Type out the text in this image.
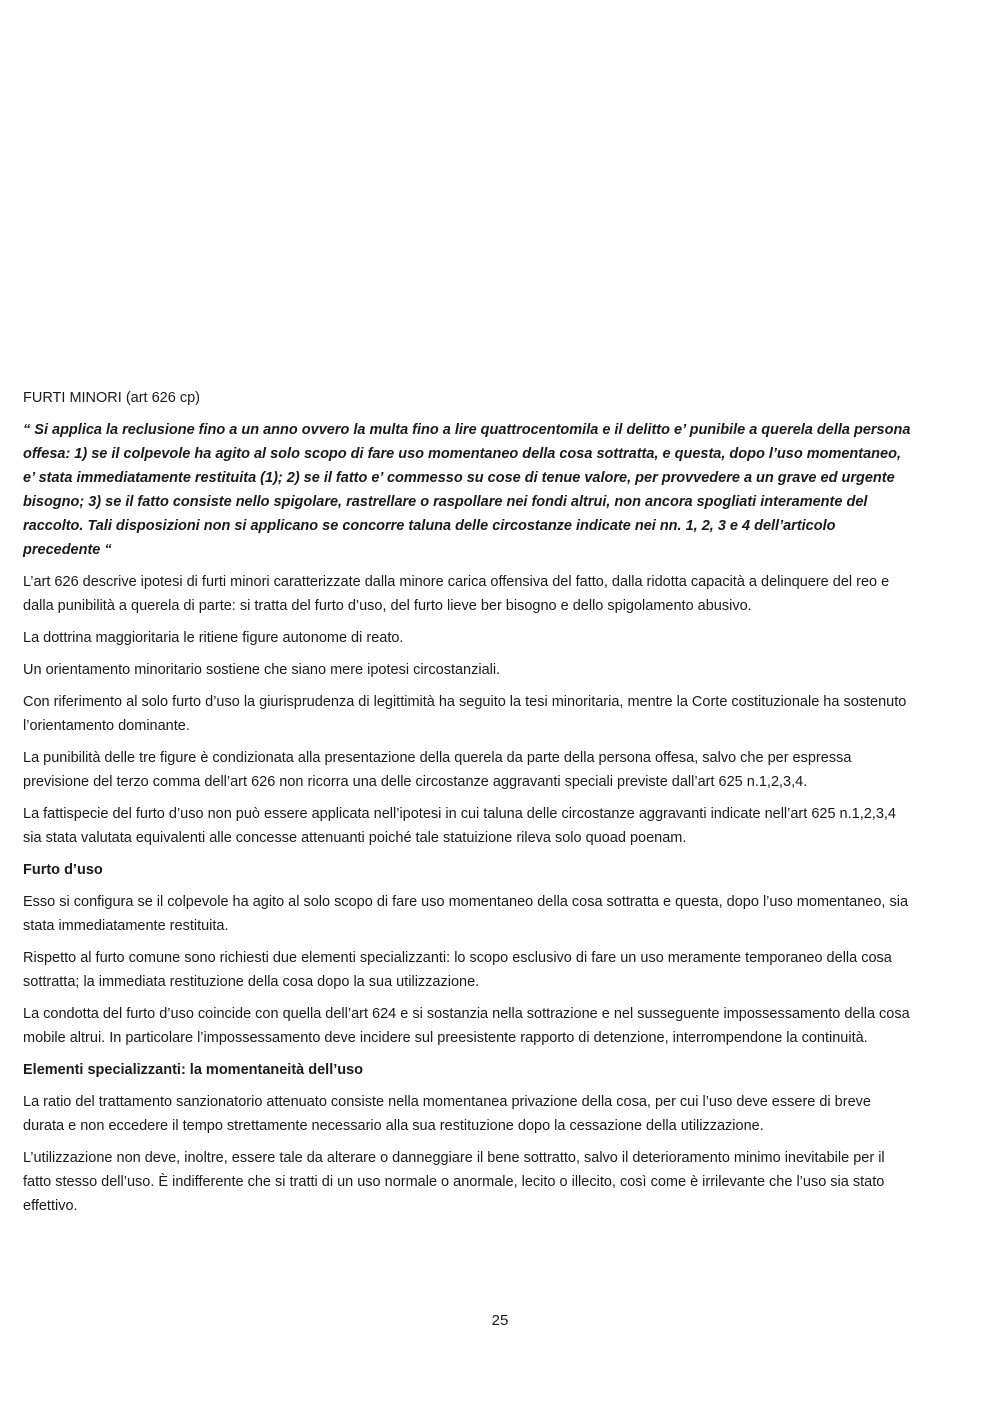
FURTI MINORI (art 626 cp)

“ Si applica la reclusione fino a un anno ovvero la multa fino a lire quattrocentomila e il delitto e’ punibile a querela della persona offesa: 1) se il colpevole ha agito al solo scopo di fare uso momentaneo della cosa sottratta, e questa, dopo l’uso momentaneo, e’ stata immediatamente restituita (1); 2) se il fatto e’ commesso su cose di tenue valore, per provvedere a un grave ed urgente bisogno; 3) se il fatto consiste nello spigolare, rastrellare o raspollare nei fondi altrui, non ancora spogliati interamente del raccolto. Tali disposizioni non si applicano se concorre taluna delle circostanze indicate nei nn. 1, 2, 3 e 4 dell’articolo precedente “

L’art 626 descrive ipotesi di furti minori caratterizzate dalla minore carica offensiva del fatto, dalla ridotta capacità a delinquere del reo e dalla punibilità a querela di parte: si tratta del furto d’uso, del furto lieve ber bisogno e dello spigolamento abusivo.

La dottrina maggioritaria le ritiene figure autonome di reato.

Un orientamento minoritario sostiene che siano mere ipotesi circostanziali.

Con riferimento al solo furto d’uso la giurisprudenza di legittimità ha seguito la tesi minoritaria, mentre la Corte costituzionale ha sostenuto l’orientamento dominante.

La punibilità delle tre figure è condizionata alla presentazione della querela da parte della persona offesa, salvo che per espressa previsione del terzo comma dell’art 626 non ricorra una delle circostanze aggravanti speciali previste dall’art 625 n.1,2,3,4.

La fattispecie del furto d’uso non può essere applicata nell’ipotesi in cui taluna delle circostanze aggravanti indicate nell’art 625 n.1,2,3,4 sia stata valutata equivalenti alle concesse attenuanti poiché tale statuizione rileva solo quoad poenam.

Furto d’uso

Esso si configura se il colpevole ha agito al solo scopo di fare uso momentaneo della cosa sottratta e questa, dopo l’uso momentaneo, sia stata immediatamente restituita.

Rispetto al furto comune sono richiesti due elementi specializzanti: lo scopo esclusivo di fare un uso meramente temporaneo della cosa sottratta; la immediata restituzione della cosa dopo la sua utilizzazione.

La condotta del furto d’uso coincide con quella dell’art 624 e si sostanzia nella sottrazione e nel susseguente impossessamento della cosa mobile altrui. In particolare l’impossessamento deve incidere sul preesistente rapporto di detenzione, interrompendone la continuità.

Elementi specializzanti: la momentaneità dell’uso

La ratio del trattamento sanzionatorio attenuato consiste nella momentanea privazione della cosa, per cui l’uso deve essere di breve durata e non eccedere il tempo strettamente necessario alla sua restituzione dopo la cessazione della utilizzazione.

L’utilizzazione non deve, inoltre, essere tale da alterare o danneggiare il bene sottratto, salvo il deterioramento minimo inevitabile per il fatto stesso dell’uso. È indifferente che si tratti di un uso normale o anormale, lecito o illecito, così come è irrilevante che l’uso sia stato effettivo.

25
